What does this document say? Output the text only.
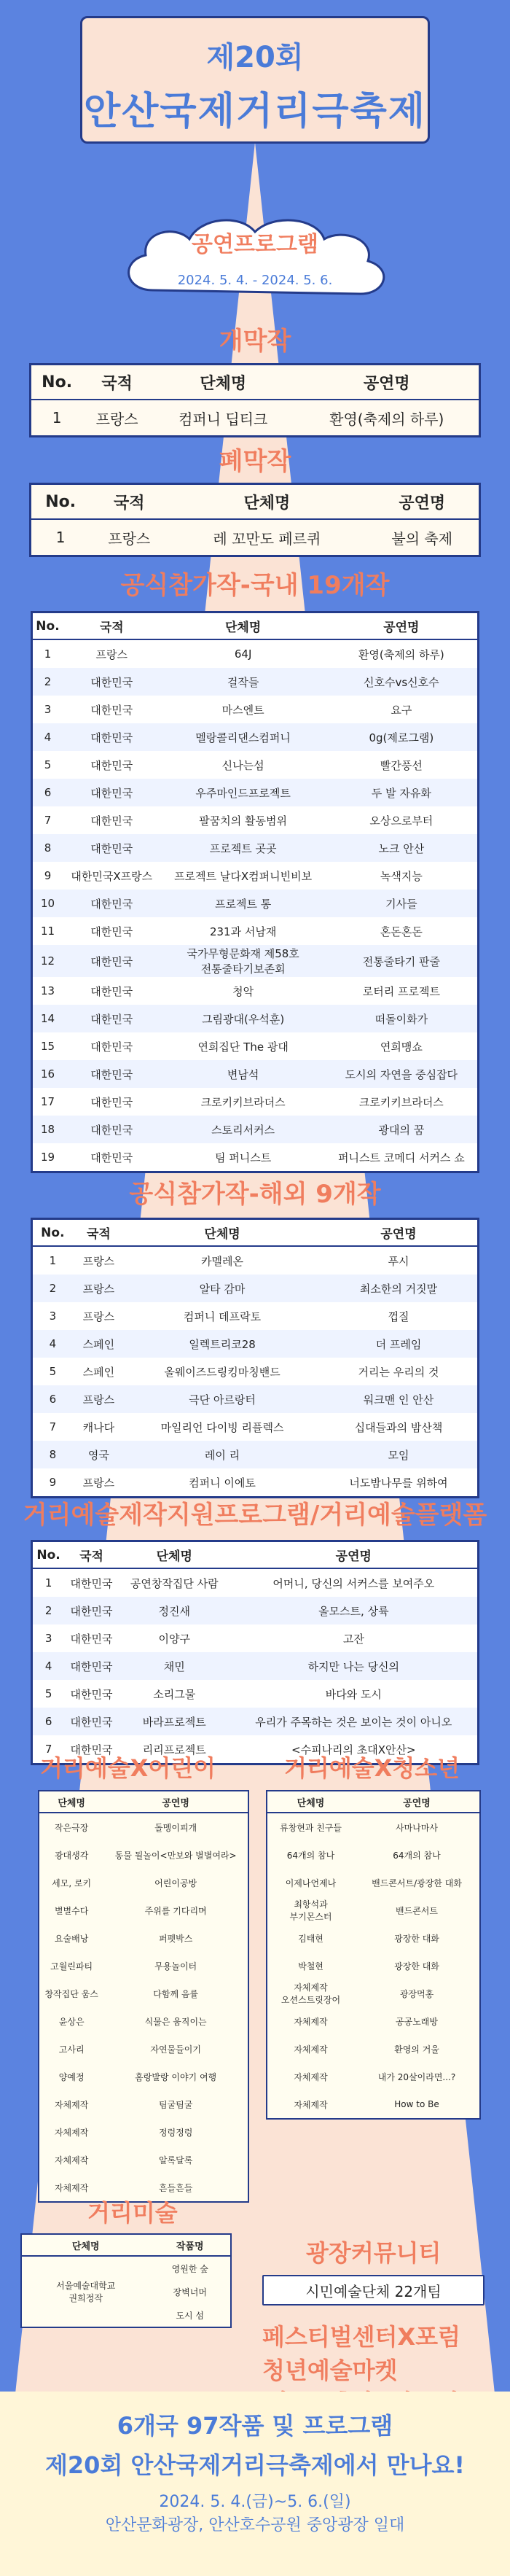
제20회
안산국제거리극축제
공연프로그램
2024. 5. 4. - 2024. 5. 6.
개막작
No.	국적	단체명	공연명
1	프랑스	컴퍼니 딥티크	환영(축제의 하루)
폐막작
No.	국적	단체명	공연명
1	프랑스	레 꼬만도 페르퀴	불의 축제
공식참가작-국내 19개작
No.	국적	단체명	공연명
1	프랑스	64J	환영(축제의 하루)
2	대한민국	걸작들	신호수vs신호수
3	대한민국	마스엔트	요구
4	대한민국	멜랑콜리댄스컴퍼니	0g(제로그램)
5	대한민국	신나는섬	빨간풍선
6	대한민국	우주마인드프로젝트	두 발 자유화
7	대한민국	팔꿈치의 활동범위	오상으로부터
8	대한민국	프로젝트 곳곳	노크 안산
9	대한민국X프랑스	프로젝트 날다X컴퍼니빈비보	녹색지능
10	대한민국	프로젝트 통	기사들
11	대한민국	231과 서남재	혼돈혼돈
12	대한민국	국가무형문화재 제58호
전통줄타기보존회	전통줄타기 판줄
13	대한민국	청악	로터리 프로젝트
14	대한민국	그림광대(우석훈)	떠돌이화가
15	대한민국	연희집단 The 광대	연희맹쇼
16	대한민국	변남석	도시의 자연을 중심잡다
17	대한민국	크로키키브라더스	크로키키브라더스
18	대한민국	스토리서커스	광대의 꿈
19	대한민국	팀 퍼니스트	퍼니스트 코메디 서커스 쇼
공식참가작-해외 9개작
No.	국적	단체명	공연명
1	프랑스	카멜레온	푸시
2	프랑스	알타 감마	최소한의 거짓말
3	프랑스	컴퍼니 데프락토	껍질
4	스페인	일렉트리코28	더 프레임
5	스페인	올웨이즈드링킹마칭밴드	거리는 우리의 것
6	프랑스	극단 아르랑터	워크맨 인 안산
7	캐나다	마일리언 다이빙 리플렉스	십대들과의 밤산책
8	영국	레이 리	모임
9	프랑스	컴퍼니 이에토	너도밤나무를 위하여
거리예술제작지원프로그램/거리예술플랫폼
No.	국적	단체명	공연명
1	대한민국	공연창작집단 사람	어머니, 당신의 서커스를 보여주오
2	대한민국	정진새	올모스트, 상륙
3	대한민국	이양구	고잔
4	대한민국	채민	하지만 나는 당신의
5	대한민국	소리그물	바다와 도시
6	대한민국	바라프로젝트	우리가 주목하는 것은 보이는 것이 아니오
7	대한민국	리리프로젝트	<수피나리의 초대X안산>
거리예술X어린이
단체명	공연명
작은극장	돌멩이피개
광대생각	동물 될놀이<만보와 별별여라>
세모, 로키	어린이공방
별별수다	주위를 기다리며
요술배낭	퍼펫박스
고월린파티	무용놀이터
창작집단 움스	다함께 음률
윤상은	식물은 움직이는
고사리	자연물들이기
양예정	홈랑발랑 이야기 여행
자체제작	팀굴팀굴
자체제작	정렁정렁
자체제작	알록달록
자체제작	흔들흔들
거리예술X청소년
단체명	공연명
류창현과 친구들	사마나마사
64개의 참나	64개의 참나
이제나언제나	밴드콘서트/광장한 대화
최항석과
부기몬스터	밴드콘서트
김태현	광장한 대화
박철현	광장한 대화
자체제작
오션스트릿장어	광장먹홍
자체제작	공공노래방
자체제작	환영의 거울
자체제작	내가 20살이라면...?
자체제작	How to Be
광장커뮤니티
시민예술단체 22개팀
거리미술
단체명	작품명
서울예술대학교
권희정작	영원한 숲
	장벽너머
	도시 섬
페스티벌센터X포럼
청년예술마켓
6개국 97작품 및 프로그램
제20회 안산국제거리극축제에서 만나요!
2024. 5. 4.(금)~5. 6.(일)
안산문화광장, 안산호수공원 중앙광장 일대
